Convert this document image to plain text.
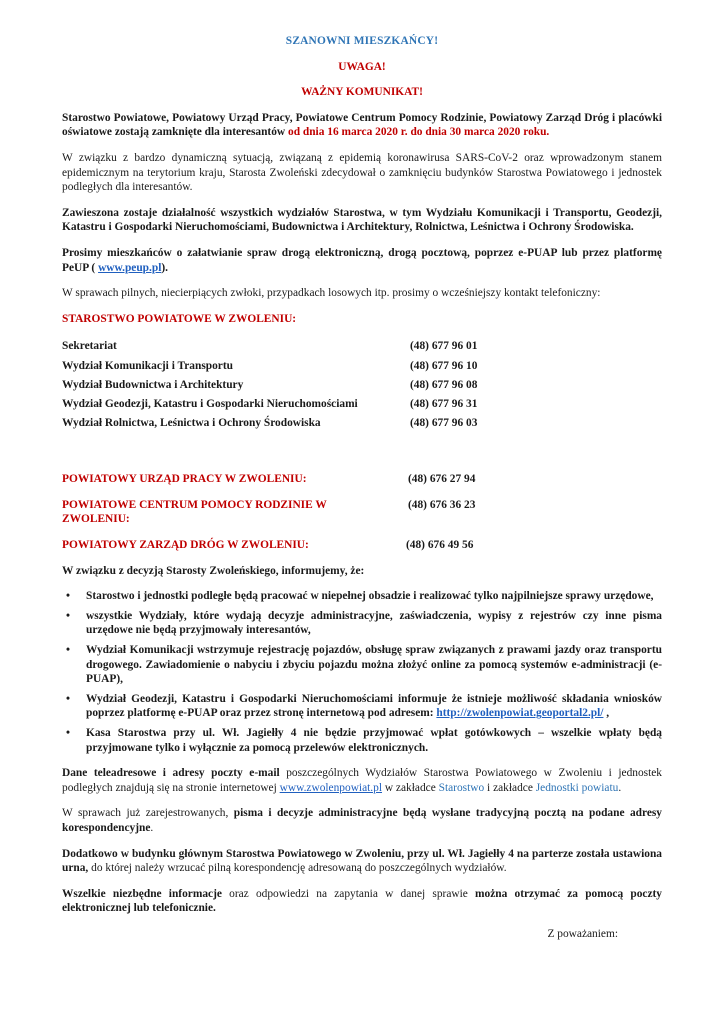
SZANOWNI MIESZKAŃCY!
UWAGA!
WAŻNY KOMUNIKAT!

Starostwo Powiatowe, Powiatowy Urząd Pracy, Powiatowe Centrum Pomocy Rodzinie, Powiatowy Zarząd Dróg i placówki oświatowe zostają zamknięte dla interesantów od dnia 16 marca 2020 r. do dnia 30 marca 2020 roku.

W związku z bardzo dynamiczną sytuacją, związaną z epidemią koronawirusa SARS-CoV-2 oraz wprowadzonym stanem epidemicznym na terytorium kraju, Starosta Zwoleński zdecydował o zamknięciu budynków Starostwa Powiatowego i jednostek podległych dla interesantów.

Zawieszona zostaje działalność wszystkich wydziałów Starostwa, w tym Wydziału Komunikacji i Transportu, Geodezji, Katastru i Gospodarki Nieruchomościami, Budownictwa i Architektury, Rolnictwa, Leśnictwa i Ochrony Środowiska.

Prosimy mieszkańców o załatwianie spraw drogą elektroniczną, drogą pocztową, poprzez e-PUAP lub przez platformę PeUP ( www.peup.pl).

W sprawach pilnych, niecierpiących zwłoki, przypadkach losowych itp. prosimy o wcześniejszy kontakt telefoniczny:

STAROSTWO POWIATOWE W ZWOLENIU:
Sekretariat	(48) 677 96 01
Wydział Komunikacji i Transportu	(48) 677 96 10
Wydział Budownictwa i Architektury	(48) 677 96 08
Wydział Geodezji, Katastru i Gospodarki Nieruchomościami	(48) 677 96 31
Wydział Rolnictwa, Leśnictwa i Ochrony Środowiska	(48) 677 96 03
POWIATOWY URZĄD PRACY W ZWOLENIU:	(48) 676 27 94
POWIATOWE CENTRUM POMOCY RODZINIE W ZWOLENIU:
(48) 676 36 23
POWIATOWY ZARZĄD DRÓG W ZWOLENIU:	(48) 676 49 56

W związku z decyzją Starosty Zwoleńskiego, informujemy, że:

• Starostwo i jednostki podległe będą pracować w niepełnej obsadzie i realizować tylko najpilniejsze sprawy urzędowe,
• wszystkie Wydziały, które wydają decyzje administracyjne, zaświadczenia, wypisy z rejestrów czy inne pisma urzędowe nie będą przyjmowały interesantów,
• Wydział Komunikacji wstrzymuje rejestrację pojazdów, obsługę spraw związanych z prawami jazdy oraz transportu drogowego. Zawiadomienie o nabyciu i zbyciu pojazdu można złożyć online za pomocą systemów e-administracji (e-PUAP),
• Wydział Geodezji, Katastru i Gospodarki Nieruchomościami informuje że istnieje możliwość składania wniosków poprzez platformę e-PUAP oraz przez stronę internetową pod adresem: http://zwolenpowiat.geoportal2.pl/ ,
• Kasa Starostwa przy ul. Wł. Jagiełły 4 nie będzie przyjmować wpłat gotówkowych – wszelkie wpłaty będą przyjmowane tylko i wyłącznie za pomocą przelewów elektronicznych.

Dane teleadresowe i adresy poczty e-mail poszczególnych Wydziałów Starostwa Powiatowego w Zwoleniu i jednostek podległych znajdują się na stronie internetowej www.zwolenpowiat.pl w zakładce Starostwo i zakładce Jednostki powiatu.

W sprawach już zarejestrowanych, pisma i decyzje administracyjne będą wysłane tradycyjną pocztą na podane adresy korespondencyjne.

Dodatkowo w budynku głównym Starostwa Powiatowego w Zwoleniu, przy ul. Wł. Jagiełły 4 na parterze została ustawiona urna, do której należy wrzucać pilną korespondencję adresowaną do poszczególnych wydziałów.

Wszelkie niezbędne informacje oraz odpowiedzi na zapytania w danej sprawie można otrzymać za pomocą poczty elektronicznej lub telefonicznie.

Z poważaniem:
